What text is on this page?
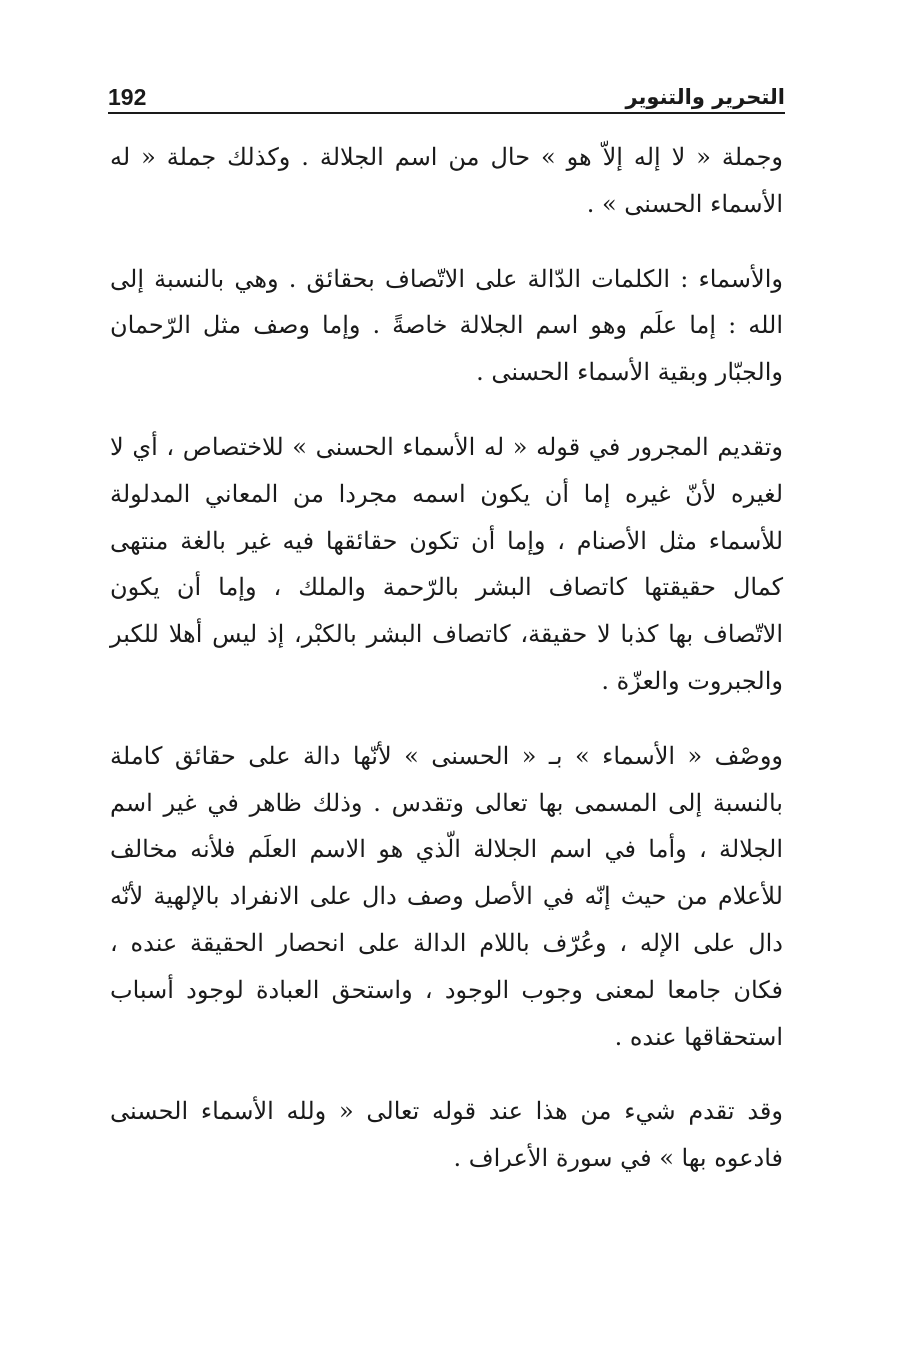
192	التحرير والتنوير

وجملة « لا إله إلاّ هو » حال من اسم الجلالة . وكذلك جملة « له الأسماء الحسنى » .

والأسماء : الكلمات الدّالة على الاتّصاف بحقائق . وهي بالنسبة إلى الله : إما علَم وهو اسم الجلالة خاصةً . وإما وصف مثل الرّحمان والجبّار وبقية الأسماء الحسنى .

وتقديم المجرور في قوله « له الأسماء الحسنى » للاختصاص ، أي لا لغيره لأنّ غيره إما أن يكون اسمه مجردا من المعاني المدلولة للأسماء مثل الأصنام ، وإما أن تكون حقائقها فيه غير بالغة منتهى كمال حقيقتها كاتصاف البشر بالرّحمة والملك ، وإما أن يكون الاتّصاف بها كذبا لا حقيقة، كاتصاف البشر بالكبْر، إذ ليس أهلا للكبر والجبروت والعزّة .

ووصْف « الأسماء » بـ « الحسنى » لأنّها دالة على حقائق كاملة بالنسبة إلى المسمى بها تعالى وتقدس . وذلك ظاهر في غير اسم الجلالة ، وأما في اسم الجلالة الّذي هو الاسم العلَم فلأنه مخالف للأعلام من حيث إنّه في الأصل وصف دال على الانفراد بالإلهية لأنّه دال على الإله ، وعُرّف باللام الدالة على انحصار الحقيقة عنده ، فكان جامعا لمعنى وجوب الوجود ، واستحق العبادة لوجود أسباب استحقاقها عنده .

وقد تقدم شيء من هذا عند قوله تعالى « ولله الأسماء الحسنى فادعوه بها » في سورة الأعراف .
